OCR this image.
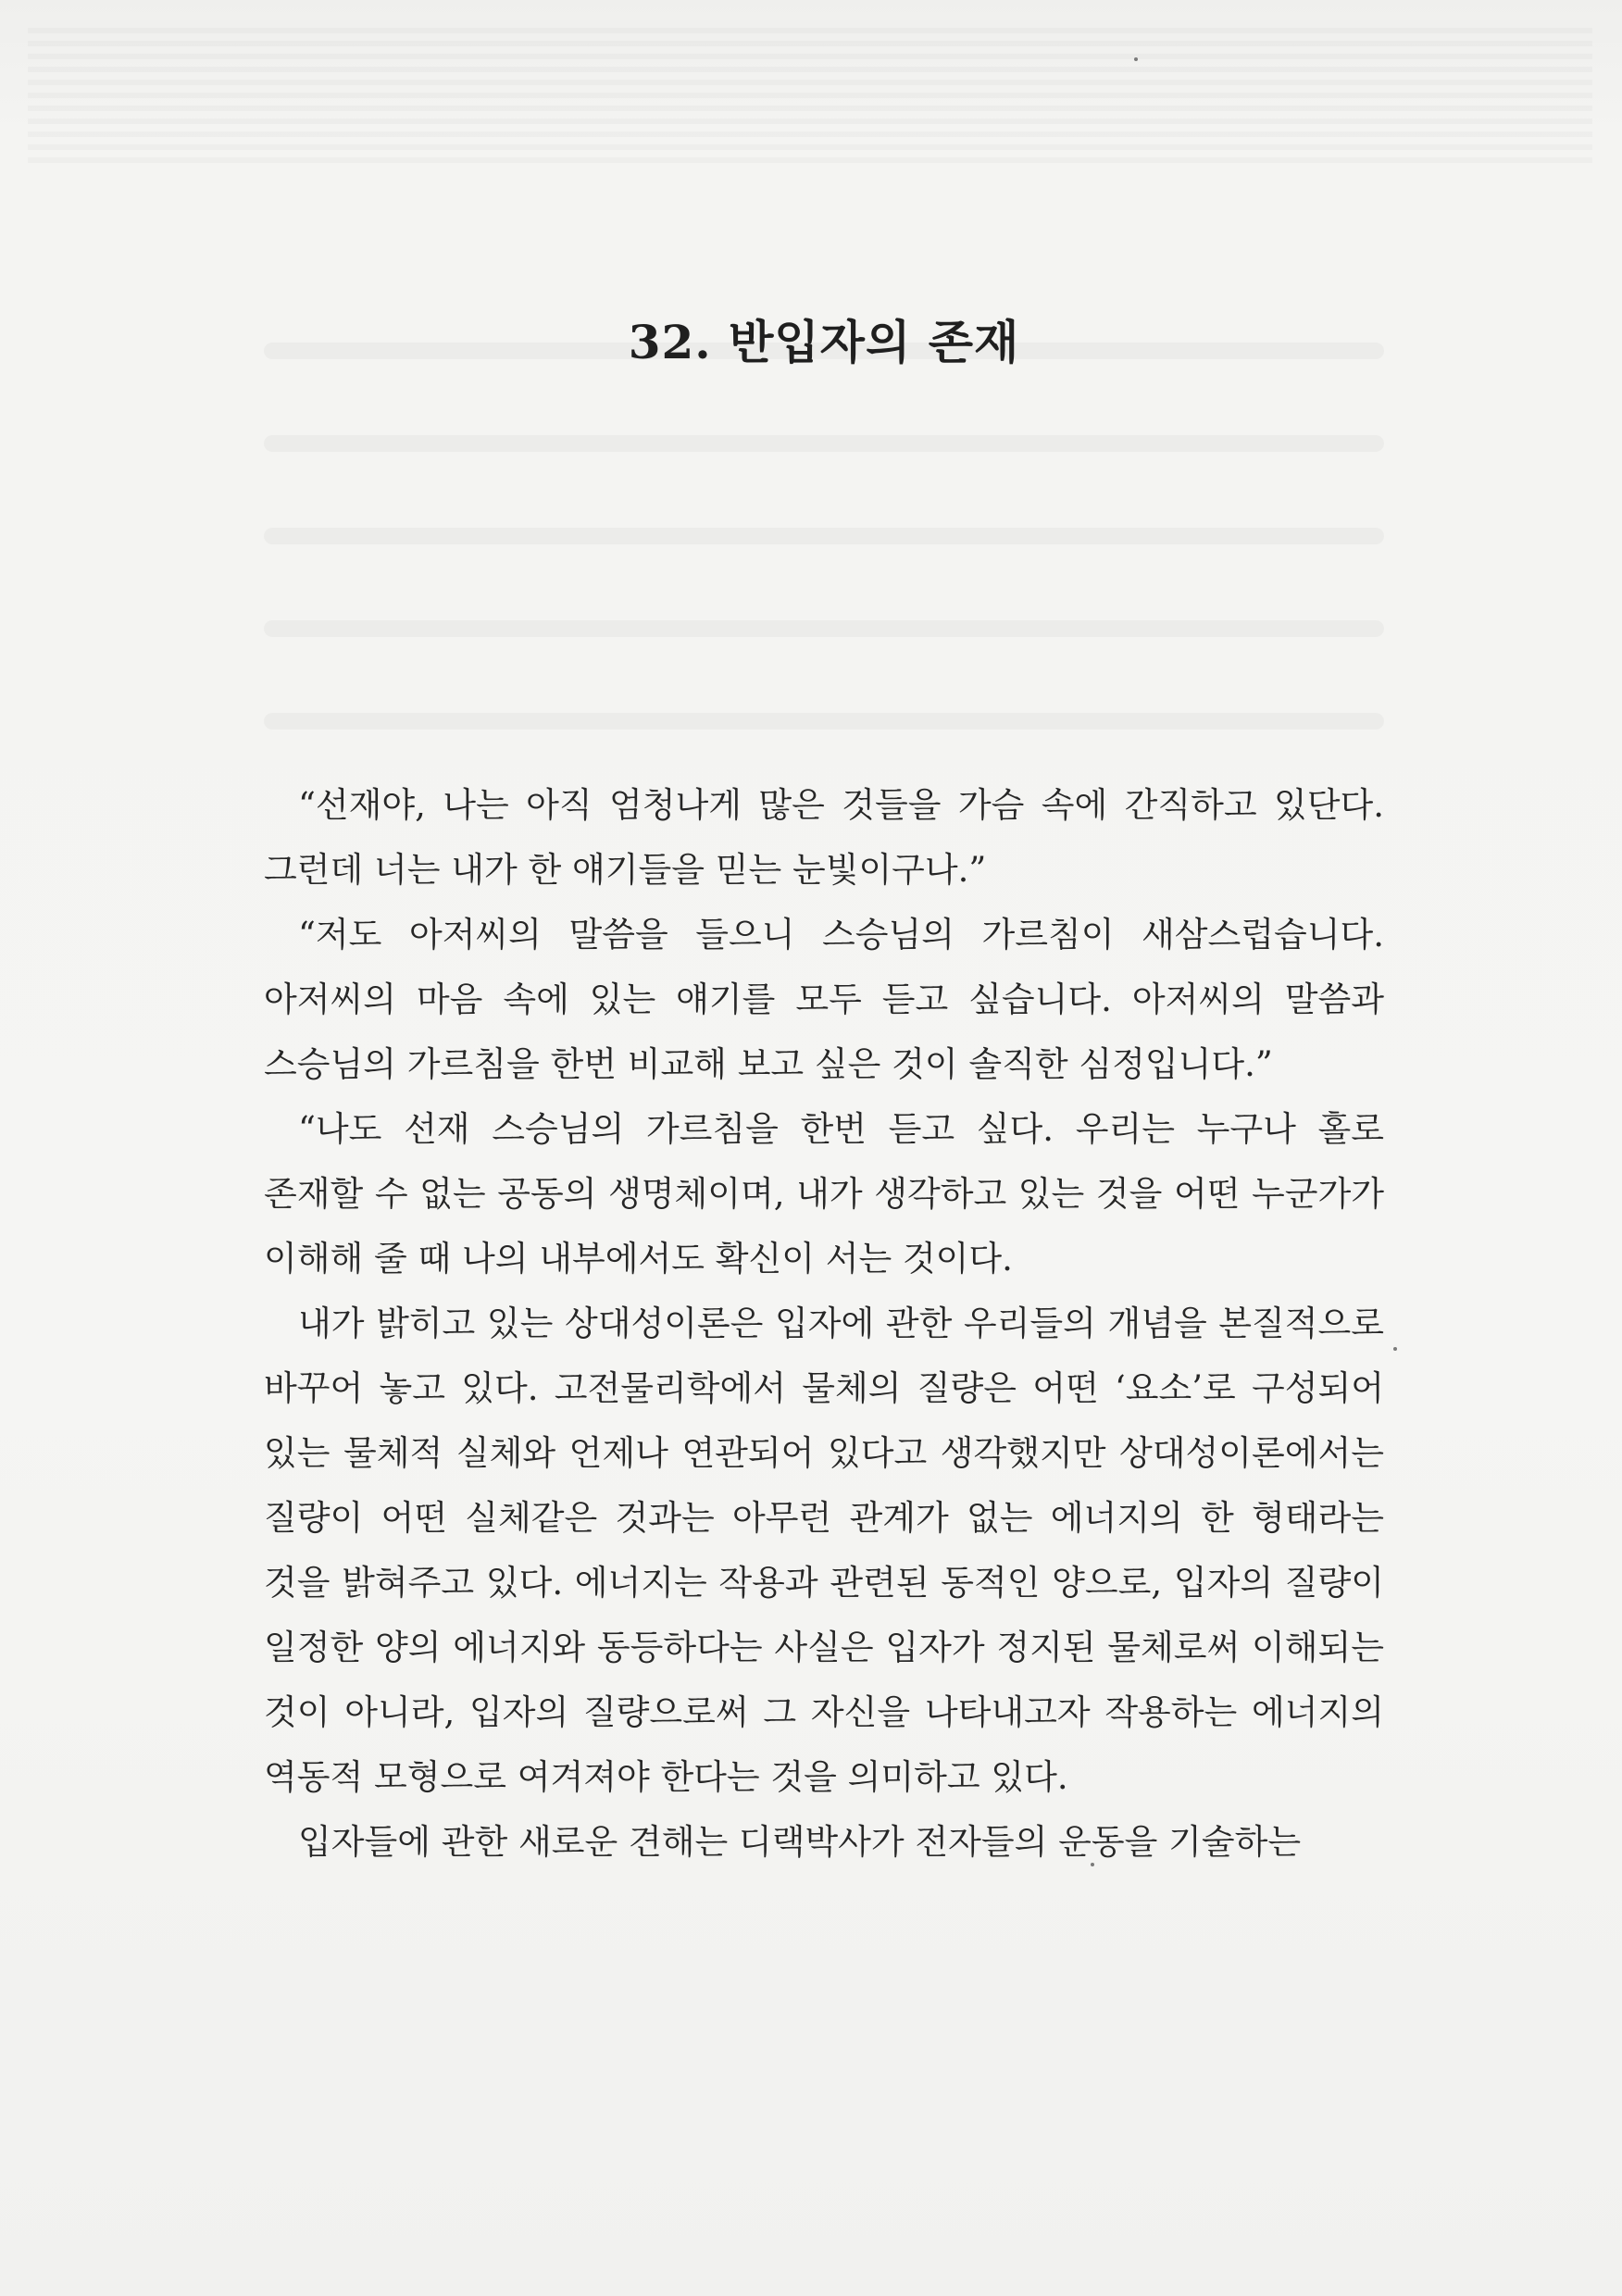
32. 반입자의 존재

“선재야, 나는 아직 엄청나게 많은 것들을 가슴 속에 간직하고 있단다. 그런데 너는 내가 한 얘기들을 믿는 눈빛이구나.”

“저도 아저씨의 말씀을 들으니 스승님의 가르침이 새삼스럽습니다. 아저씨의 마음 속에 있는 얘기를 모두 듣고 싶습니다. 아저씨의 말씀과 스승님의 가르침을 한번 비교해 보고 싶은 것이 솔직한 심정입니다.”

“나도 선재 스승님의 가르침을 한번 듣고 싶다. 우리는 누구나 홀로 존재할 수 없는 공동의 생명체이며, 내가 생각하고 있는 것을 어떤 누군가가 이해해 줄 때 나의 내부에서도 확신이 서는 것이다.

내가 밝히고 있는 상대성이론은 입자에 관한 우리들의 개념을 본질적으로 바꾸어 놓고 있다. 고전물리학에서 물체의 질량은 어떤 ‘요소’로 구성되어 있는 물체적 실체와 언제나 연관되어 있다고 생각했지만 상대성이론에서는 질량이 어떤 실체같은 것과는 아무런 관계가 없는 에너지의 한 형태라는 것을 밝혀주고 있다. 에너지는 작용과 관련된 동적인 양으로, 입자의 질량이 일정한 양의 에너지와 동등하다는 사실은 입자가 정지된 물체로써 이해되는 것이 아니라, 입자의 질량으로써 그 자신을 나타내고자 작용하는 에너지의 역동적 모형으로 여겨져야 한다는 것을 의미하고 있다.

입자들에 관한 새로운 견해는 디랙박사가 전자들의 운동을 기술하는
